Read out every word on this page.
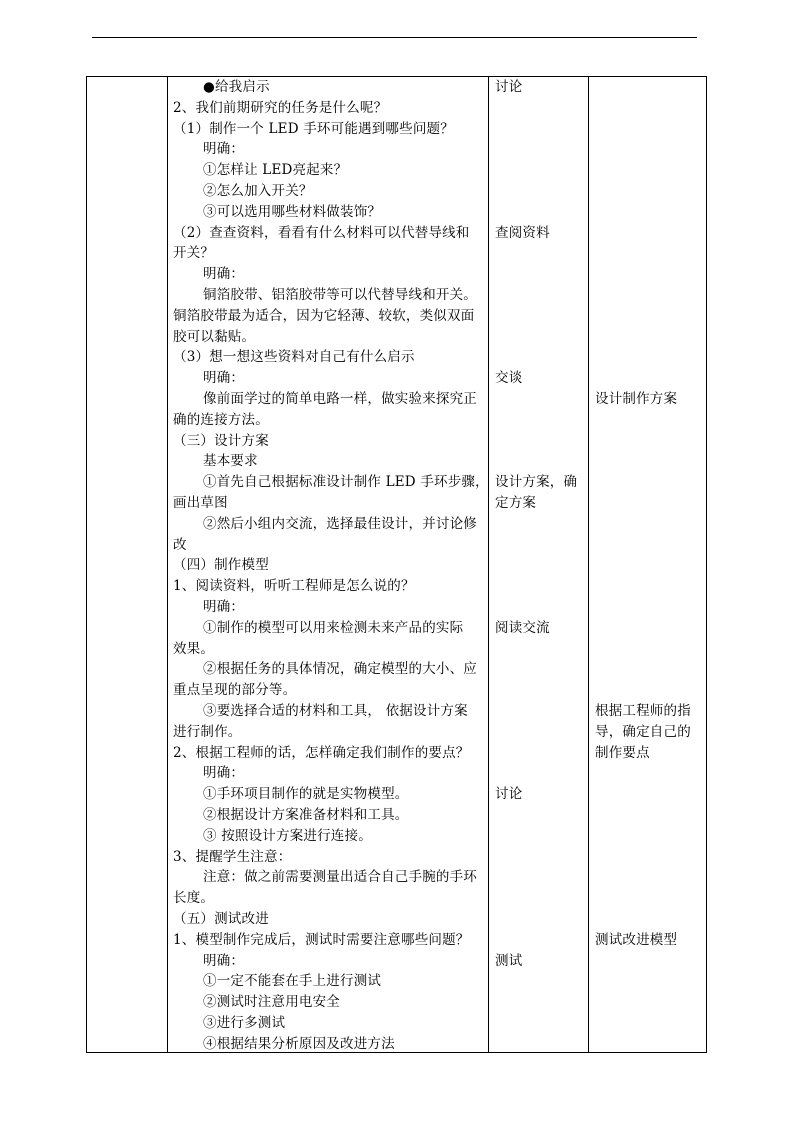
●给我启示
2、我们前期研究的任务是什么呢？
（1）制作一个 LED 手环可能遇到哪些问题？
明确：
①怎样让 LED亮起来？
②怎么加入开关？
③可以选用哪些材料做装饰？
（2）查查资料，看看有什么材料可以代替导线和
开关？
明确：
铜箔胶带、铝箔胶带等可以代替导线和开关。
铜箔胶带最为适合，因为它轻薄、较软，类似双面
胶可以黏贴。
（3）想一想这些资料对自己有什么启示
明确：
像前面学过的简单电路一样，做实验来探究正
确的连接方法。
（三）设计方案
基本要求
①首先自己根据标准设计制作 LED 手环步骤，
画出草图
②然后小组内交流，选择最佳设计，并讨论修
改
（四）制作模型
1、阅读资料，听听工程师是怎么说的？
明确：
①制作的模型可以用来检测未来产品的实际
效果。
②根据任务的具体情况，确定模型的大小、应
重点呈现的部分等。
③要选择合适的材料和工具， 依据设计方案
进行制作。
2、根据工程师的话，怎样确定我们制作的要点？
明确：
①手环项目制作的就是实物模型。
②根据设计方案准备材料和工具。
③ 按照设计方案进行连接。
3、提醒学生注意：
注意：做之前需要测量出适合自己手腕的手环
长度。
（五）测试改进
1、模型制作完成后，测试时需要注意哪些问题？
明确：
①一定不能套在手上进行测试
②测试时注意用电安全
③进行多测试
④根据结果分析原因及改进方法
讨论
查阅资料
交谈
设计方案，确
定方案
阅读交流
讨论
测试
设计制作方案
根据工程师的指
导，确定自己的
制作要点
测试改进模型
